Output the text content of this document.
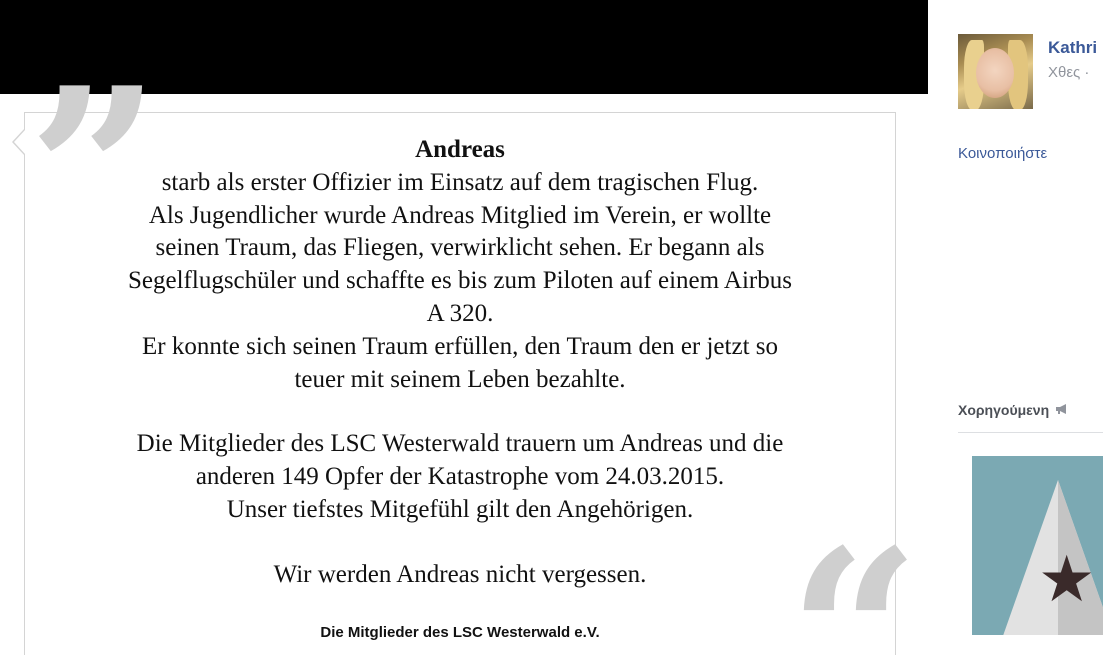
”
“
Andreas
starb als erster Offizier im Einsatz auf dem tragischen Flug.
Als Jugendlicher wurde Andreas Mitglied im Verein, er wollte
seinen Traum, das Fliegen, verwirklicht sehen. Er begann als
Segelflugschüler und schaffte es bis zum Piloten auf einem Airbus
A 320.
Er konnte sich seinen Traum erfüllen, den Traum den er jetzt so
teuer mit seinem Leben bezahlte.
Die Mitglieder des LSC Westerwald trauern um Andreas und die
anderen 149 Opfer der Katastrophe vom 24.03.2015.
Unser tiefstes Mitgefühl gilt den Angehörigen.
Wir werden Andreas nicht vergessen.
Die Mitglieder des LSC Westerwald e.V.
Kathri
Χθες ·
Κοινοποιήστε
Χορηγούμενη
★
